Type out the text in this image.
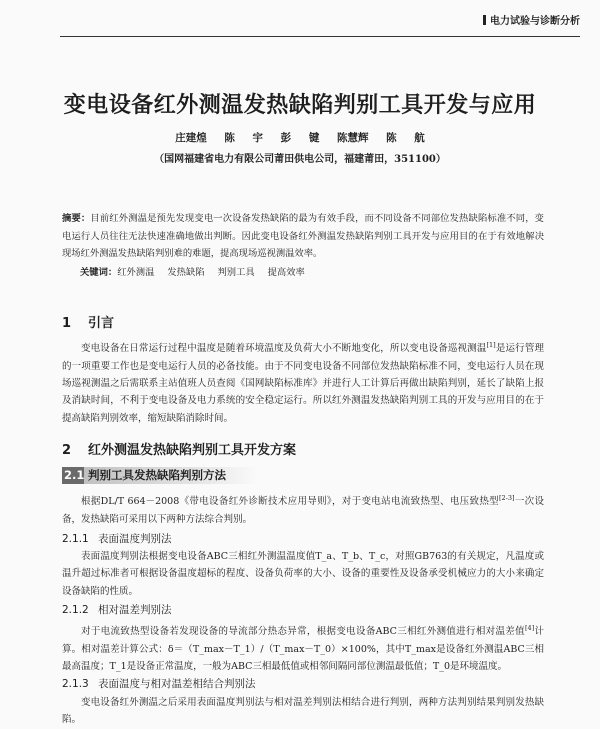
电力试验与诊断分析
变电设备红外测温发热缺陷判别工具开发与应用
庄建煌 陈 宇 彭 键 陈慧辉 陈 航
（国网福建省电力有限公司莆田供电公司，福建莆田，351100）
摘要：目前红外测温是预先发现变电一次设备发热缺陷的最为有效手段，而不同设备不同部位发热缺陷标准不同，变电运行人员往往无法快速准确地做出判断。因此变电设备红外测温发热缺陷判别工具开发与应用目的在于有效地解决现场红外测温发热缺陷判别难的难题，提高现场巡视测温效率。
关键词：红外测温 发热缺陷 判别工具 提高效率
1 引言
变电设备在日常运行过程中温度是随着环境温度及负荷大小不断地变化，所以变电设备巡视测温[1]是运行管理的一项重要工作也是变电运行人员的必备技能。由于不同变电设备不同部位发热缺陷标准不同，变电运行人员在现场巡视测温之后需联系主站值班人员查阅《国网缺陷标准库》并进行人工计算后再做出缺陷判别，延长了缺陷上报及消缺时间，不利于变电设备及电力系统的安全稳定运行。所以红外测温发热缺陷判别工具的开发与应用目的在于提高缺陷判别效率，缩短缺陷消除时间。
2 红外测温发热缺陷判别工具开发方案
2.1 判别工具发热缺陷判别方法
根据DL/T 664－2008《带电设备红外诊断技术应用导则》，对于变电站电流致热型、电压致热型[2-3]一次设备，发热缺陷可采用以下两种方法综合判别。
2.1.1 表面温度判别法
表面温度判别法根据变电设备ABC三相红外测温温度值T_a、T_b、T_c，对照GB763的有关规定，凡温度或温升超过标准者可根据设备温度超标的程度、设备负荷率的大小、设备的重要性及设备承受机械应力的大小来确定设备缺陷的性质。
2.1.2 相对温差判别法
对于电流致热型设备若发现设备的导流部分热态异常，根据变电设备ABC三相红外测值进行相对温差值[4]计算。相对温差计算公式：δ＝（T_max－T_1）/（T_max－T_0）×100%，其中T_max是设备红外测温ABC三相最高温度；T_1是设备正常温度，一般为ABC三相最低值或相邻间隔同部位测温最低值；T_0是环境温度。
2.1.3 表面温度与相对温差相结合判别法
变电设备红外测温之后采用表面温度判别法与相对温差判别法相结合进行判别，两种方法判别结果判别发热缺陷。
